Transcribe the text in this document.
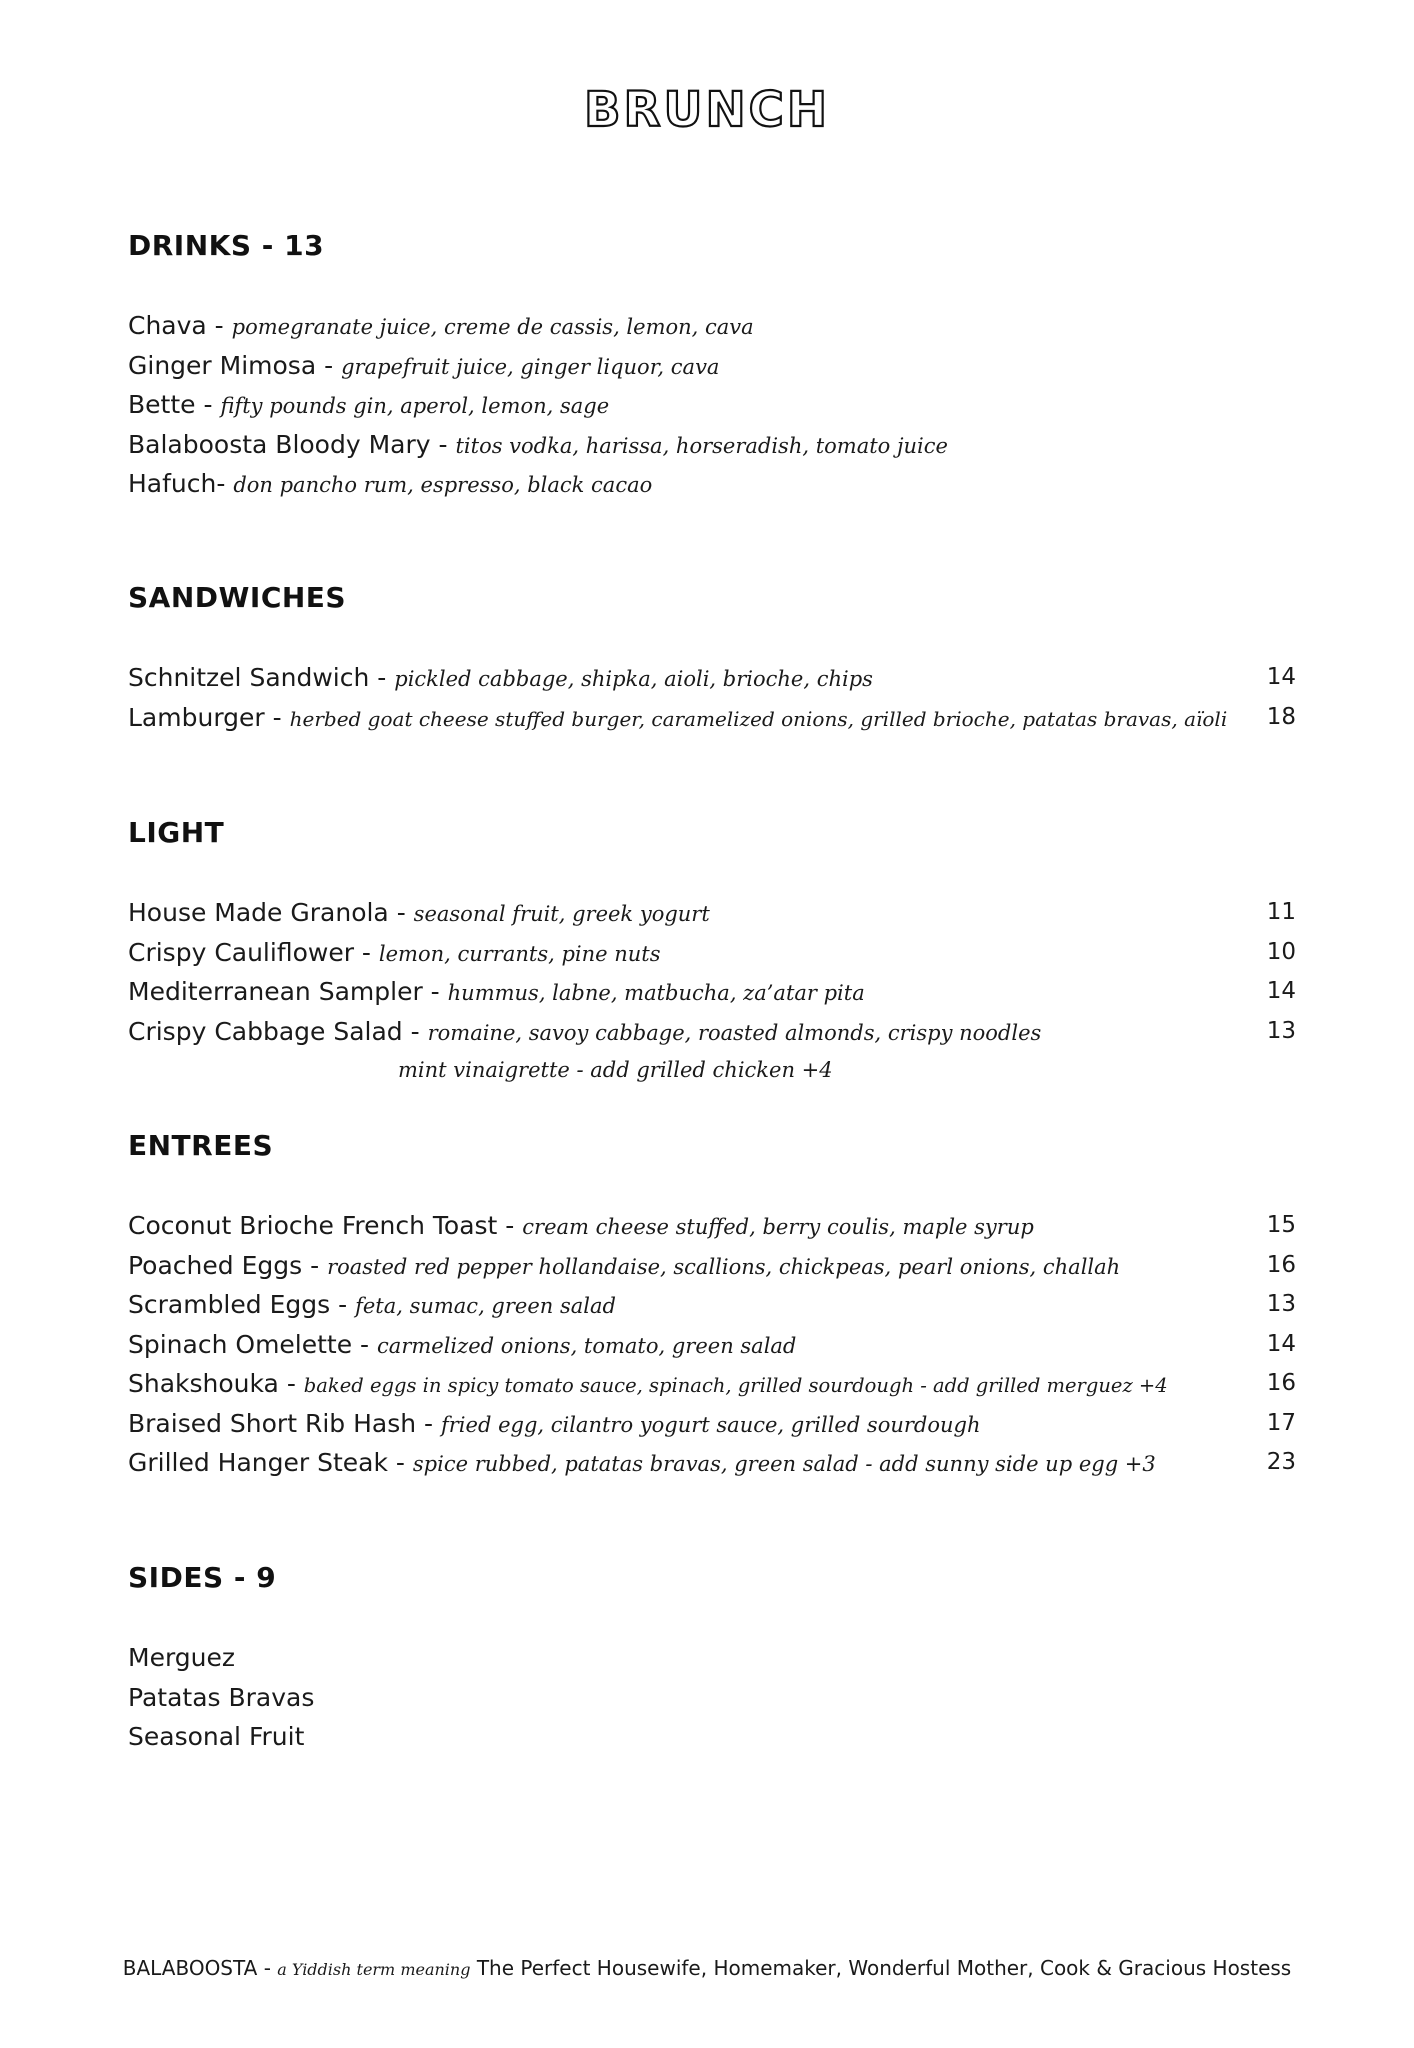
BRUNCH
DRINKS - 13
Chava - pomegranate juice, creme de cassis, lemon, cava
Ginger Mimosa - grapefruit juice, ginger liquor, cava
Bette - fifty pounds gin, aperol, lemon, sage
Balaboosta Bloody Mary - titos vodka, harissa, horseradish, tomato juice
Hafuch- don pancho rum, espresso, black cacao
SANDWICHES
Schnitzel Sandwich - pickled cabbage, shipka, aioli, brioche, chips	14
Lamburger - herbed goat cheese stuffed burger, caramelized onions, grilled brioche, patatas bravas, aïoli 18
LIGHT
House Made Granola - seasonal fruit, greek yogurt	11
Crispy Cauliflower - lemon, currants, pine nuts	10
Mediterranean Sampler - hummus, labne, matbucha, za’atar pita	14
Crispy Cabbage Salad - romaine, savoy cabbage, roasted almonds, crispy noodles	13
mint vinaigrette - add grilled chicken +4
ENTREES
Coconut Brioche French Toast - cream cheese stuffed, berry coulis, maple syrup	15
Poached Eggs - roasted red pepper hollandaise, scallions, chickpeas, pearl onions, challah	16
Scrambled Eggs - feta, sumac, green salad	13
Spinach Omelette - carmelized onions, tomato, green salad	14
Shakshouka - baked eggs in spicy tomato sauce, spinach, grilled sourdough - add grilled merguez +4	16
Braised Short Rib Hash - fried egg, cilantro yogurt sauce, grilled sourdough	17
Grilled Hanger Steak - spice rubbed, patatas bravas, green salad - add sunny side up egg +3	23
SIDES - 9
Merguez
Patatas Bravas
Seasonal Fruit
BALABOOSTA - a Yiddish term meaning The Perfect Housewife, Homemaker, Wonderful Mother, Cook & Gracious Hostess
